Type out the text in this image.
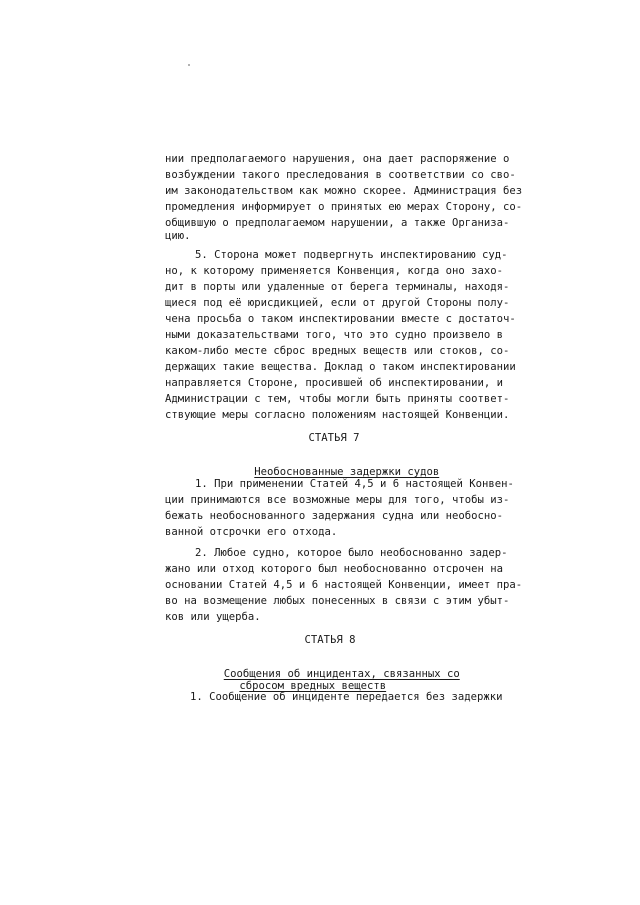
нии предполагаемого нарушения, она дает распоряжение о
возбуждении такого преследования в соответствии со сво-
им законодательством как можно скорее. Администрация без
промедления информирует о принятых ею мерах Сторону, со-
общившую о предполагаемом нарушении, а также Организа-
цию.
5. Сторона может подвергнуть инспектированию суд-
но, к которому применяется Конвенция, когда оно захо-
дит в порты или удаленные от берега терминалы, находя-
щиеся под её юрисдикцией, если от другой Стороны полу-
чена просьба о таком инспектировании вместе с достаточ-
ными доказательствами того, что это судно произвело в
каком-либо месте сброс вредных веществ или стоков, со-
держащих такие вещества. Доклад о таком инспектировании
направляется Стороне, просившей об инспектировании, и
Администрации с тем, чтобы могли быть приняты соответ-
ствующие меры согласно положениям настоящей Конвенции.
СТАТЬЯ 7

Необоснованные задержки судов

1. При применении Статей 4,5 и 6 настоящей Конвен-
ции принимаются все возможные меры для того, чтобы из-
бежать необоснованного задержания судна или необосно-
ванной отсрочки его отхода.
2. Любое судно, которое было необоснованно задер-
жано или отход которого был необоснованно отсрочен на
основании Статей 4,5 и 6 настоящей Конвенции, имеет пра-
во на возмещение любых понесенных в связи с этим убыт-
ков или ущерба.
СТАТЬЯ 8

Сообщения об инцидентах, связанных со

сбросом вредных веществ

1. Сообщение об инциденте передается без задержки
